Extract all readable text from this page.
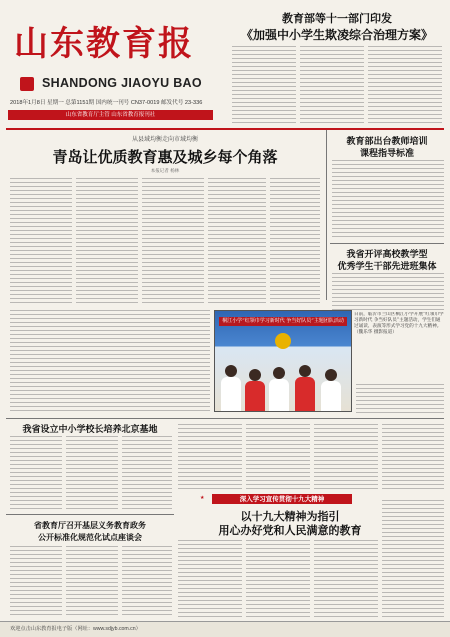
山东教育报
SHANDONG JIAOYU BAO
2018年1月8日 星期一 总第1151期 国内统一刊号 CN37-0019 邮发代号 23-336
山东省教育厅主管 山东省教育报刊社
教育部等十一部门印发
《加强中小学生欺凌综合治理方案》
从县域均衡走向市域均衡
青岛让优质教育惠及城乡每个角落
本报记者 杨林
教育部出台教师培训
课程指导标准
我省开评高校教学型
优秀学生干部先进班集体
桐江小学“红领巾学习新时代 争当好队员”主题团队活动
日前，临沂市兰山区桐江小学开展“红领巾学习新时代 争当好队员”主题活动，学生们通过诵读、表演等形式学习党的十九大精神。（魏乐华 摄影报道）
我省设立中小学校长培养北京基地
深入学习宣传贯彻十九大精神
★
以十九大精神为指引
用心办好党和人民满意的教育
省教育厅召开基层义务教育政务
公开标准化规范化试点座谈会
欢迎点击山东教育报电子版（网址：www.sdjyb.com.cn）
